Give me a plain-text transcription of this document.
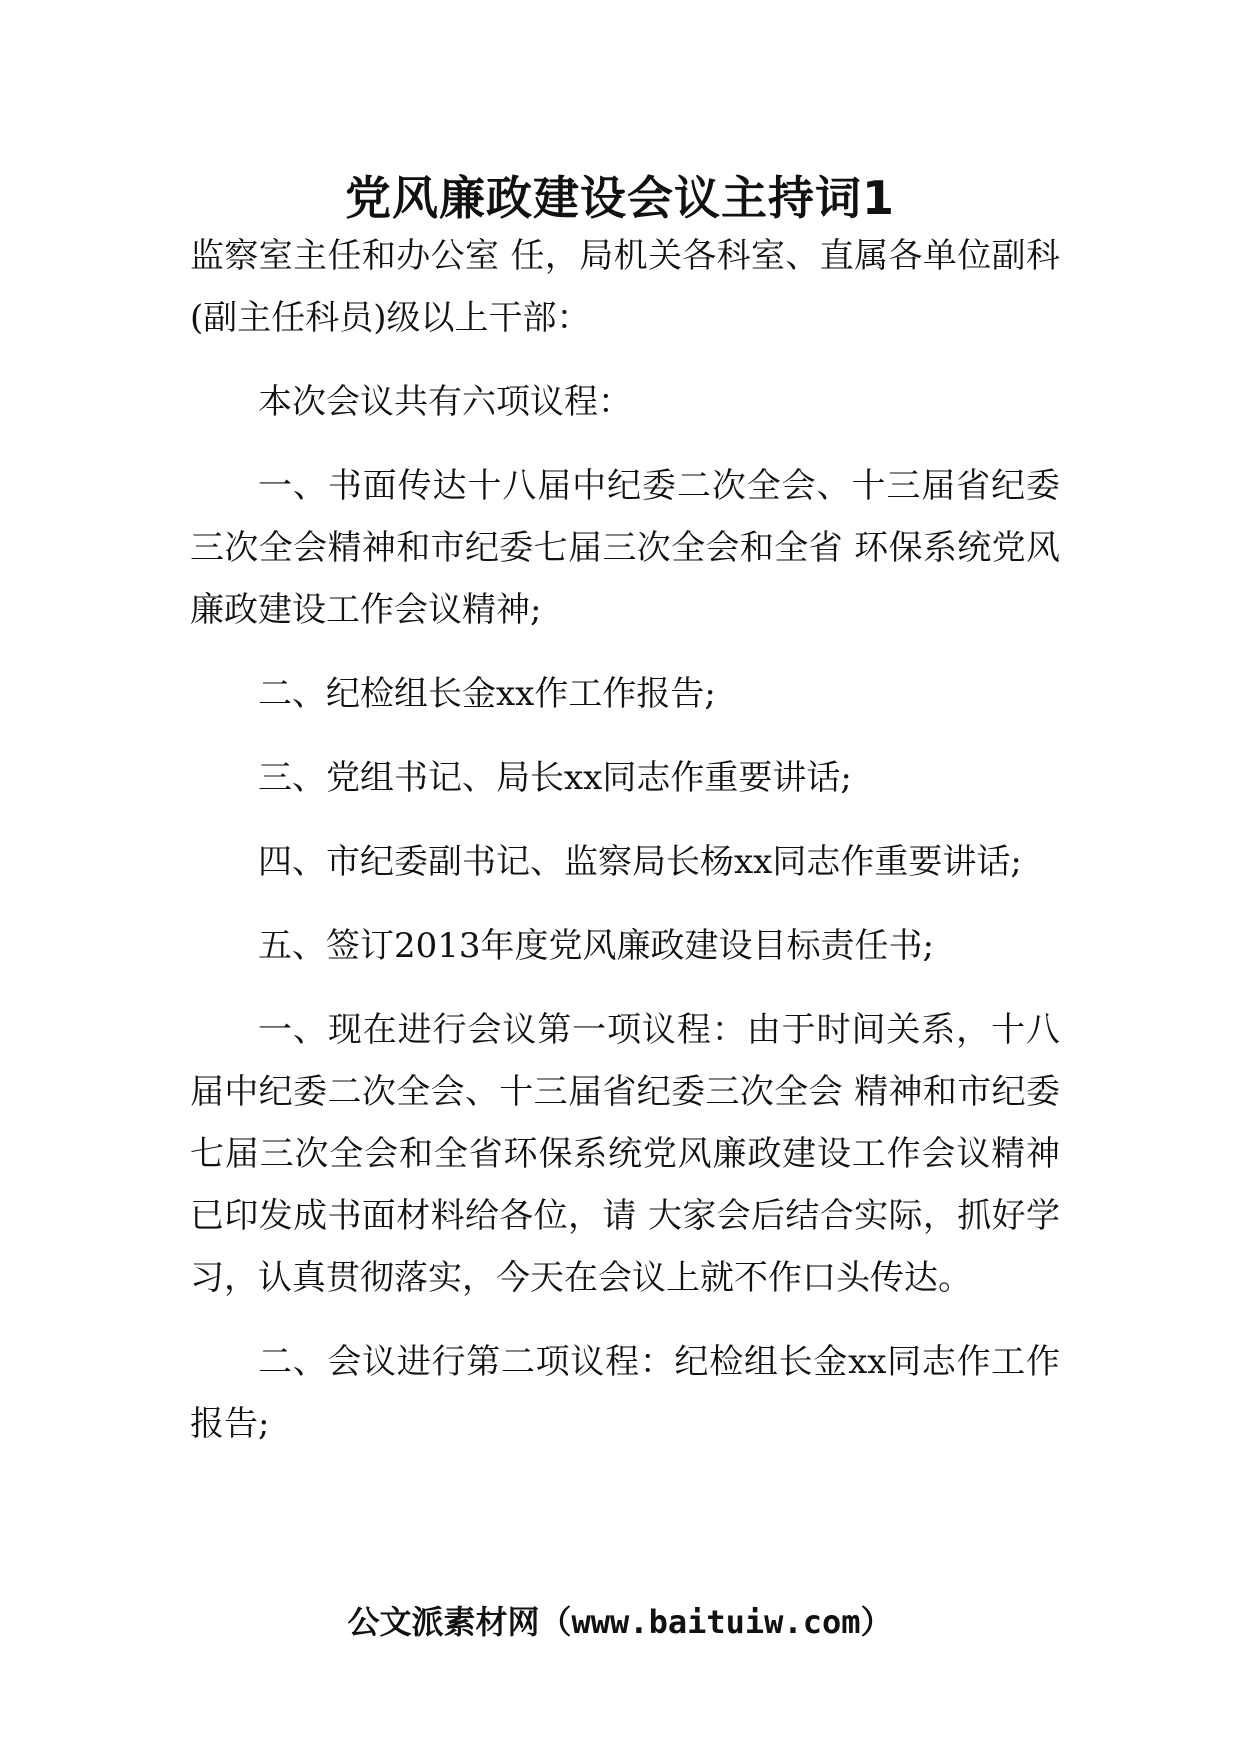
党风廉政建设会议主持词1

监察室主任和办公室 任，局机关各科室、直属各单位副科(副主任科员)级以上干部：

本次会议共有六项议程：

一、书面传达十八届中纪委二次全会、十三届省纪委三次全会精神和市纪委七届三次全会和全省 环保系统党风廉政建设工作会议精神;

二、纪检组长金xx作工作报告;

三、党组书记、局长xx同志作重要讲话;

四、市纪委副书记、监察局长杨xx同志作重要讲话;

五、签订2013年度党风廉政建设目标责任书;

一、现在进行会议第一项议程：由于时间关系，十八届中纪委二次全会、十三届省纪委三次全会 精神和市纪委七届三次全会和全省环保系统党风廉政建设工作会议精神已印发成书面材料给各位，请 大家会后结合实际，抓好学习，认真贯彻落实，今天在会议上就不作口头传达。

二、会议进行第二项议程：纪检组长金xx同志作工作报告;

公文派素材网（www.baituiw.com）
